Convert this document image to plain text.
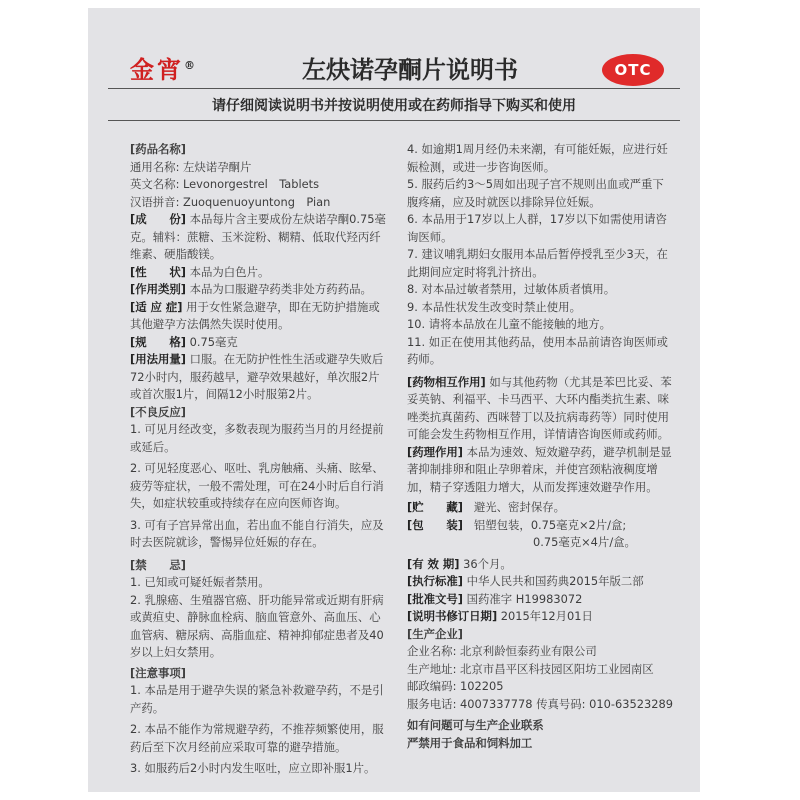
金宵®	左炔诺孕酮片说明书	OTC
请仔细阅读说明书并按说明使用或在药师指导下购买和使用
[药品名称]
通用名称: 左炔诺孕酮片
英文名称: Levonorgestrel　Tablets
汉语拼音: Zuoquenuoyuntong　Pian

[成　　份] 本品每片含主要成份左炔诺孕酮0.75毫克。辅料：蔗糖、玉米淀粉、糊精、低取代羟丙纤维素、硬脂酸镁。

[性　　状] 本品为白色片。

[作用类别] 本品为口服避孕药类非处方药药品。

[适 应 症] 用于女性紧急避孕，即在无防护措施或其他避孕方法偶然失误时使用。

[规　　格] 0.75毫克

[用法用量] 口服。在无防护性性生活或避孕失败后72小时内，服药越早，避孕效果越好，单次服2片或首次服1片，间隔12小时服第2片。

[不良反应]

1. 可见月经改变，多数表现为服药当月的月经提前或延后。

2. 可见轻度恶心、呕吐、乳房触痛、头痛、眩晕、疲劳等症状，一般不需处理，可在24小时后自行消失，如症状较重或持续存在应向医师咨询。

3. 可有子宫异常出血，若出血不能自行消失，应及时去医院就诊，警惕异位妊娠的存在。

[禁　　忌]

1. 已知或可疑妊娠者禁用。

2. 乳腺癌、生殖器官癌、肝功能异常或近期有肝病或黄疸史、静脉血栓病、脑血管意外、高血压、心血管病、糖尿病、高脂血症、精神抑郁症患者及40岁以上妇女禁用。

[注意事项]

1. 本品是用于避孕失误的紧急补救避孕药，不是引产药。

2. 本品不能作为常规避孕药，不推荐频繁使用，服药后至下次月经前应采取可靠的避孕措施。

3. 如服药后2小时内发生呕吐，应立即补服1片。

4. 如逾期1周月经仍未来潮，有可能妊娠，应进行妊娠检测，或进一步咨询医师。

5. 服药后约3～5周如出现子宫不规则出血或严重下腹疼痛，应及时就医以排除异位妊娠。

6. 本品用于17岁以上人群，17岁以下如需使用请咨询医师。

7. 建议哺乳期妇女服用本品后暂停授乳至少3天，在此期间应定时将乳汁挤出。

8. 对本品过敏者禁用，过敏体质者慎用。

9. 本品性状发生改变时禁止使用。

10. 请将本品放在儿童不能接触的地方。

11. 如正在使用其他药品，使用本品前请咨询医师或药师。

[药物相互作用] 如与其他药物（尤其是苯巴比妥、苯妥英钠、利福平、卡马西平、大环内酯类抗生素、咪唑类抗真菌药、西咪替丁以及抗病毒药等）同时使用可能会发生药物相互作用，详情请咨询医师或药师。

[药理作用] 本品为速效、短效避孕药，避孕机制是显著抑制排卵和阻止孕卵着床，并使宫颈粘液稠度增加，精子穿透阻力增大，从而发挥速效避孕作用。

[贮　　藏] 避光、密封保存。
[包　　装] 铝塑包装，0.75毫克×2片/盒;
0.75毫克×4片/盒。
[有 效 期] 36个月。
[执行标准] 中华人民共和国药典2015年版二部
[批准文号] 国药准字 H19983072
[说明书修订日期] 2015年12月01日
[生产企业]
企业名称: 北京利龄恒泰药业有限公司
生产地址: 北京市昌平区科技园区阳坊工业园南区
邮政编码: 102205
服务电话: 4007337778 传真号码: 010-63523289
如有问题可与生产企业联系
严禁用于食品和饲料加工
